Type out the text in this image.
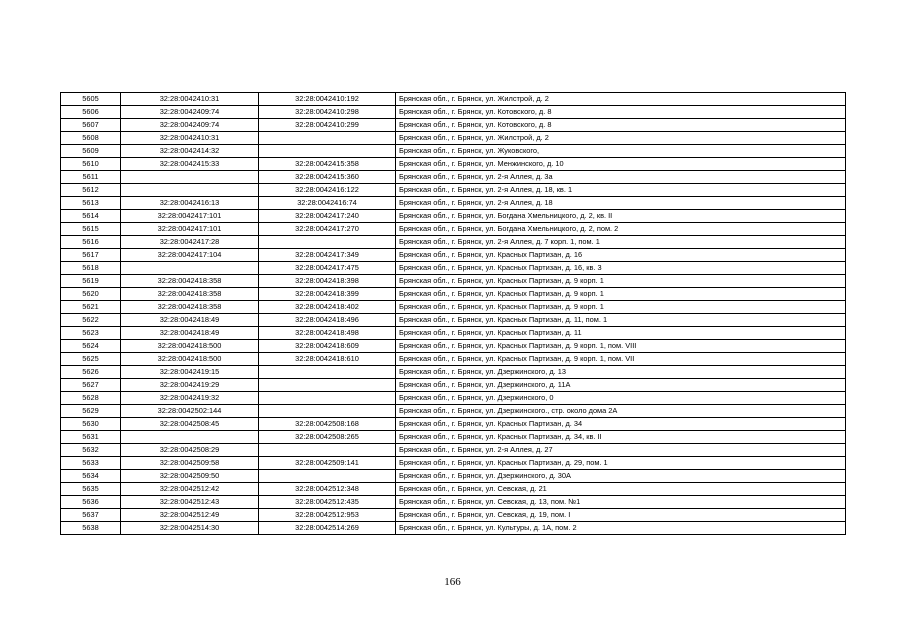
5605	32:28:0042410:31	32:28:0042410:192	Брянская обл., г. Брянск, ул. Жилстрой, д. 2
5606	32:28:0042409:74	32:28:0042410:298	Брянская обл., г. Брянск, ул. Котовского, д. 8
5607	32:28:0042409:74	32:28:0042410:299	Брянская обл., г. Брянск, ул. Котовского, д. 8
5608	32:28:0042410:31		Брянская обл., г. Брянск, ул. Жилстрой, д. 2
5609	32:28:0042414:32		Брянская обл., г. Брянск, ул. Жуковского,
5610	32:28:0042415:33	32:28:0042415:358	Брянская обл., г. Брянск, ул. Менжинского, д. 10
5611		32:28:0042415:360	Брянская обл., г. Брянск, ул. 2-я Аллея, д. 3а
5612		32:28:0042416:122	Брянская обл., г. Брянск, ул. 2-я Аллея, д. 18, кв. 1
5613	32:28:0042416:13	32:28:0042416:74	Брянская обл., г. Брянск, ул. 2-я Аллея, д. 18
5614	32:28:0042417:101	32:28:0042417:240	Брянская обл., г. Брянск, ул. Богдана Хмельницкого, д. 2, кв. II
5615	32:28:0042417:101	32:28:0042417:270	Брянская обл., г. Брянск, ул. Богдана Хмельницкого, д. 2, пом. 2
5616	32:28:0042417:28		Брянская обл., г. Брянск, ул. 2-я Аллея, д. 7 корп. 1, пом. 1
5617	32:28:0042417:104	32:28:0042417:349	Брянская обл., г. Брянск, ул. Красных Партизан, д. 16
5618		32:28:0042417:475	Брянская обл., г. Брянск, ул. Красных Партизан, д. 16, кв. 3
5619	32:28:0042418:358	32:28:0042418:398	Брянская обл., г. Брянск, ул. Красных Партизан, д. 9 корп. 1
5620	32:28:0042418:358	32:28:0042418:399	Брянская обл., г. Брянск, ул. Красных Партизан, д. 9 корп. 1
5621	32:28:0042418:358	32:28:0042418:402	Брянская обл., г. Брянск, ул. Красных Партизан, д. 9 корп. 1
5622	32:28:0042418:49	32:28:0042418:496	Брянская обл., г. Брянск, ул. Красных Партизан, д. 11, пом. 1
5623	32:28:0042418:49	32:28:0042418:498	Брянская обл., г. Брянск, ул. Красных Партизан, д. 11
5624	32:28:0042418:500	32:28:0042418:609	Брянская обл., г. Брянск, ул. Красных Партизан, д. 9 корп. 1, пом. VIII
5625	32:28:0042418:500	32:28:0042418:610	Брянская обл., г. Брянск, ул. Красных Партизан, д. 9 корп. 1, пом. VII
5626	32:28:0042419:15		Брянская обл., г. Брянск, ул. Дзержинского, д. 13
5627	32:28:0042419:29		Брянская обл., г. Брянск, ул. Дзержинского, д. 11А
5628	32:28:0042419:32		Брянская обл., г. Брянск, ул. Дзержинского, 0
5629	32:28:0042502:144		Брянская обл., г. Брянск, ул. Дзержинского., стр. около дома 2А
5630	32:28:0042508:45	32:28:0042508:168	Брянская обл., г. Брянск, ул. Красных Партизан, д. 34
5631		32:28:0042508:265	Брянская обл., г. Брянск, ул. Красных Партизан, д. 34, кв. II
5632	32:28:0042508:29		Брянская обл., г. Брянск, ул. 2-я Аллея, д. 27
5633	32:28:0042509:58	32:28:0042509:141	Брянская обл., г. Брянск, ул. Красных Партизан, д. 29, пом. 1
5634	32:28:0042509:50		Брянская обл., г. Брянск, ул. Дзержинского, д. 30А
5635	32:28:0042512:42	32:28:0042512:348	Брянская обл., г. Брянск, ул. Севская, д. 21
5636	32:28:0042512:43	32:28:0042512:435	Брянская обл., г. Брянск, ул. Севская, д. 13, пом. №1
5637	32:28:0042512:49	32:28:0042512:953	Брянская обл., г. Брянск, ул. Севская, д. 19, пом. I
5638	32:28:0042514:30	32:28:0042514:269	Брянская обл., г. Брянск, ул. Культуры, д. 1А, пом. 2
166
